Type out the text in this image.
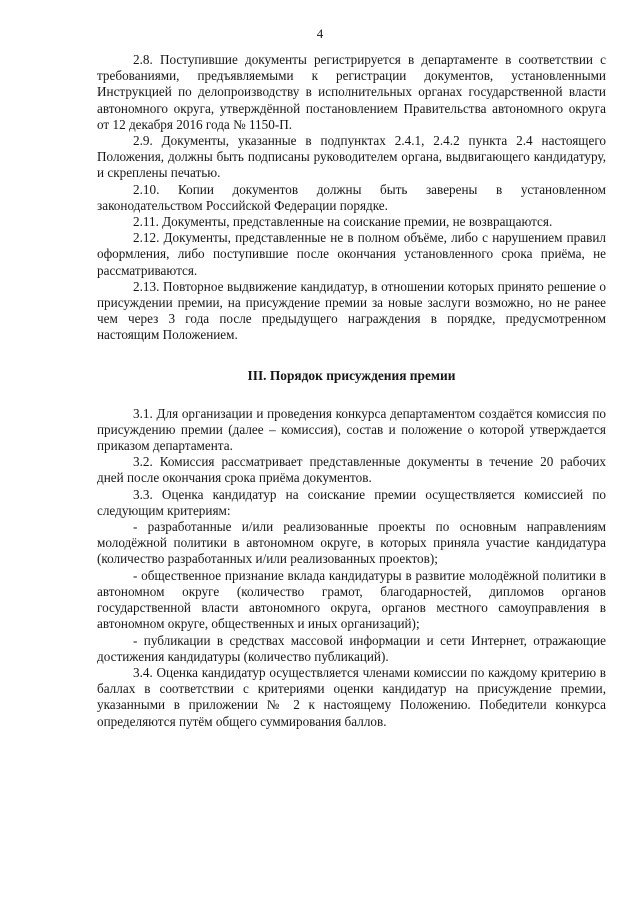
4

2.8. Поступившие документы регистрируется в департаменте в соответствии с требованиями, предъявляемыми к регистрации документов, установленными Инструкцией по делопроизводству в исполнительных органах государственной власти автономного округа, утверждённой постановлением Правительства автономного округа от 12 декабря 2016 года № 1150-П.

2.9. Документы, указанные в подпунктах 2.4.1, 2.4.2 пункта 2.4 настоящего Положения, должны быть подписаны руководителем органа, выдвигающего кандидатуру, и скреплены печатью.

2.10. Копии документов должны быть заверены в установленном законодательством Российской Федерации порядке.

2.11. Документы, представленные на соискание премии, не возвращаются.

2.12. Документы, представленные не в полном объёме, либо с нарушением правил оформления, либо поступившие после окончания установленного срока приёма, не рассматриваются.

2.13. Повторное выдвижение кандидатур, в отношении которых принято решение о присуждении премии, на присуждение премии за новые заслуги возможно, но не ранее чем через 3 года после предыдущего награждения в порядке, предусмотренном настоящим Положением.

III. Порядок присуждения премии

3.1. Для организации и проведения конкурса департаментом создаётся комиссия по присуждению премии (далее – комиссия), состав и положение о которой утверждается приказом департамента.

3.2. Комиссия рассматривает представленные документы в течение 20 рабочих дней после окончания срока приёма документов.

3.3. Оценка кандидатур на соискание премии осуществляется комиссией по следующим критериям:

- разработанные и/или реализованные проекты по основным направлениям молодёжной политики в автономном округе, в которых приняла участие кандидатура (количество разработанных и/или реализованных проектов);

- общественное признание вклада кандидатуры в развитие молодёжной политики в автономном округе (количество грамот, благодарностей, дипломов органов государственной власти автономного округа, органов местного самоуправления в автономном округе, общественных и иных организаций);

- публикации в средствах массовой информации и сети Интернет, отражающие достижения кандидатуры (количество публикаций).

3.4. Оценка кандидатур осуществляется членами комиссии по каждому критерию в баллах в соответствии с критериями оценки кандидатур на присуждение премии, указанными в приложении № 2 к настоящему Положению. Победители конкурса определяются путём общего суммирования баллов.
